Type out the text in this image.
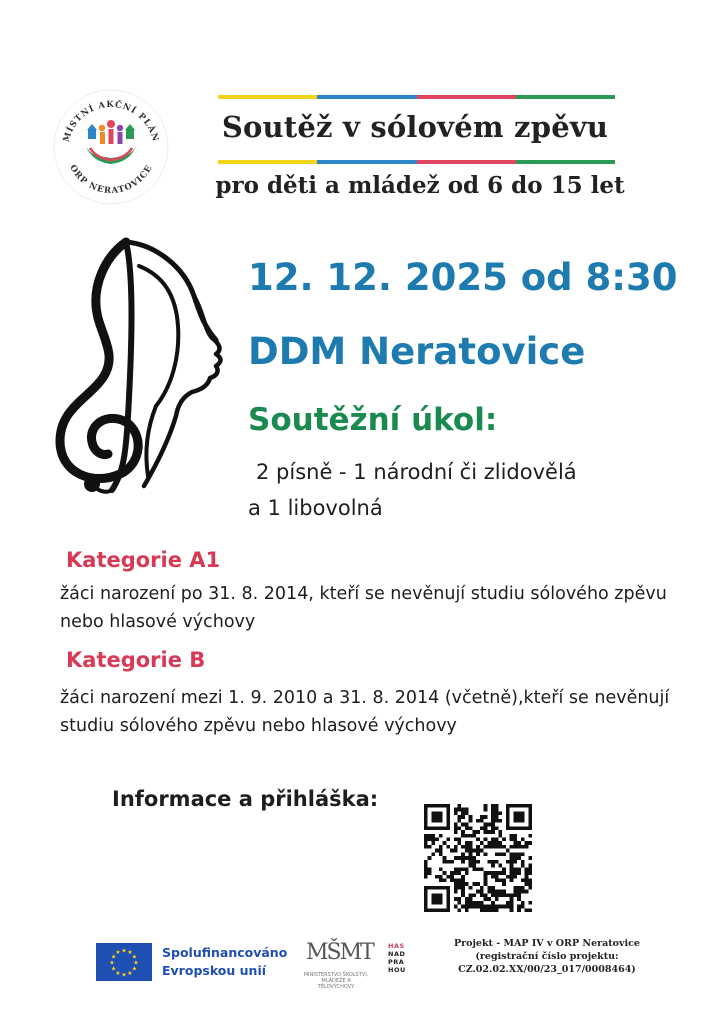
MÍSTNÍ AKČNÍ PLÁN
ORP NERATOVICE
Soutěž v sólovém zpěvu
pro děti a mládež od 6 do 15 let
12. 12. 2025 od 8:30
DDM Neratovice
Soutěžní úkol:
2 písně - 1 národní či zlidovělá
a 1 libovolná
Kategorie A1
žáci narození po 31. 8. 2014, kteří se nevěnují studiu sólového zpěvu
nebo hlasové výchovy
Kategorie B
žáci narození mezi 1. 9. 2010 a 31. 8. 2014 (včetně),kteří se nevěnují
studiu sólového zpěvu nebo hlasové výchovy
Informace a přihláška:
★
★
★
★
★
★
★
★
★ ★ ★
★ Spolufinancováno
Evropskou unií
MŠMT
MINISTERSTVO ŠKOLSTVÍ, MLÁDEŽE A TĚLOVÝCHOVY
HAS
NAD
PRA
HOU
Projekt - MAP IV v ORP Neratovice
(registrační číslo projektu:
CZ.02.02.XX/00/23_017/0008464)
